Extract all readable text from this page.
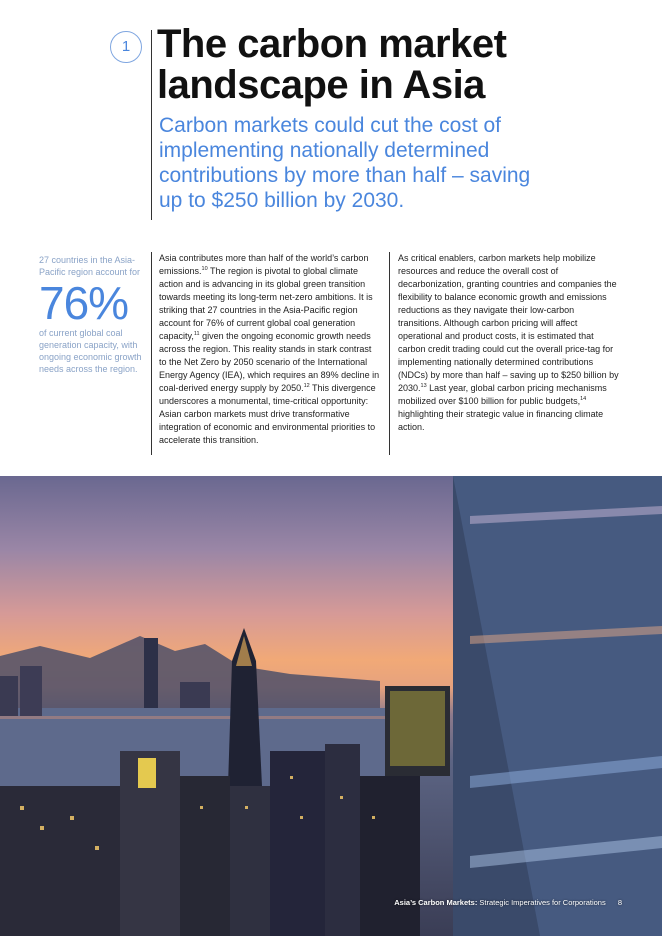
1 The carbon market
landscape in Asia
Carbon markets could cut the cost of implementing nationally determined contributions by more than half – saving up to $250 billion by 2030.
27 countries in the Asia-Pacific region account for
76%
of current global coal generation capacity, with ongoing economic growth needs across the region.

Asia contributes more than half of the world’s carbon emissions.$^{10}$ The region is pivotal to global climate action and is advancing in its global green transition towards meeting its long-term net-zero ambitions. It is striking that 27 countries in the Asia-Pacific region account for 76% of current global coal generation capacity,$^{11}$ given the ongoing economic growth needs across the region. This reality stands in stark contrast to the Net Zero by 2050 scenario of the International Energy Agency (IEA), which requires an 89% decline in coal-derived energy supply by 2050.12 This divergence underscores a monumental, time-critical opportunity: Asian carbon markets must drive transformative integration of economic and environmental priorities to accelerate this transition.

As critical enablers, carbon markets help mobilize resources and reduce the overall cost of decarbonization, granting countries and companies the flexibility to balance economic growth and emissions reductions as they navigate their low-carbon transitions. Although carbon pricing will affect operational and product costs, it is estimated that carbon credit trading could cut the overall price-tag for implementing nationally determined contributions (NDCs) by more than half – saving up to $250 billion by 2030.13 Last year, global carbon pricing mechanisms mobilized over $100 billion for public budgets,$^{14}$ highlighting their strategic value in financing climate action.

Asia’s Carbon Markets: Strategic Imperatives for Corporations 8
